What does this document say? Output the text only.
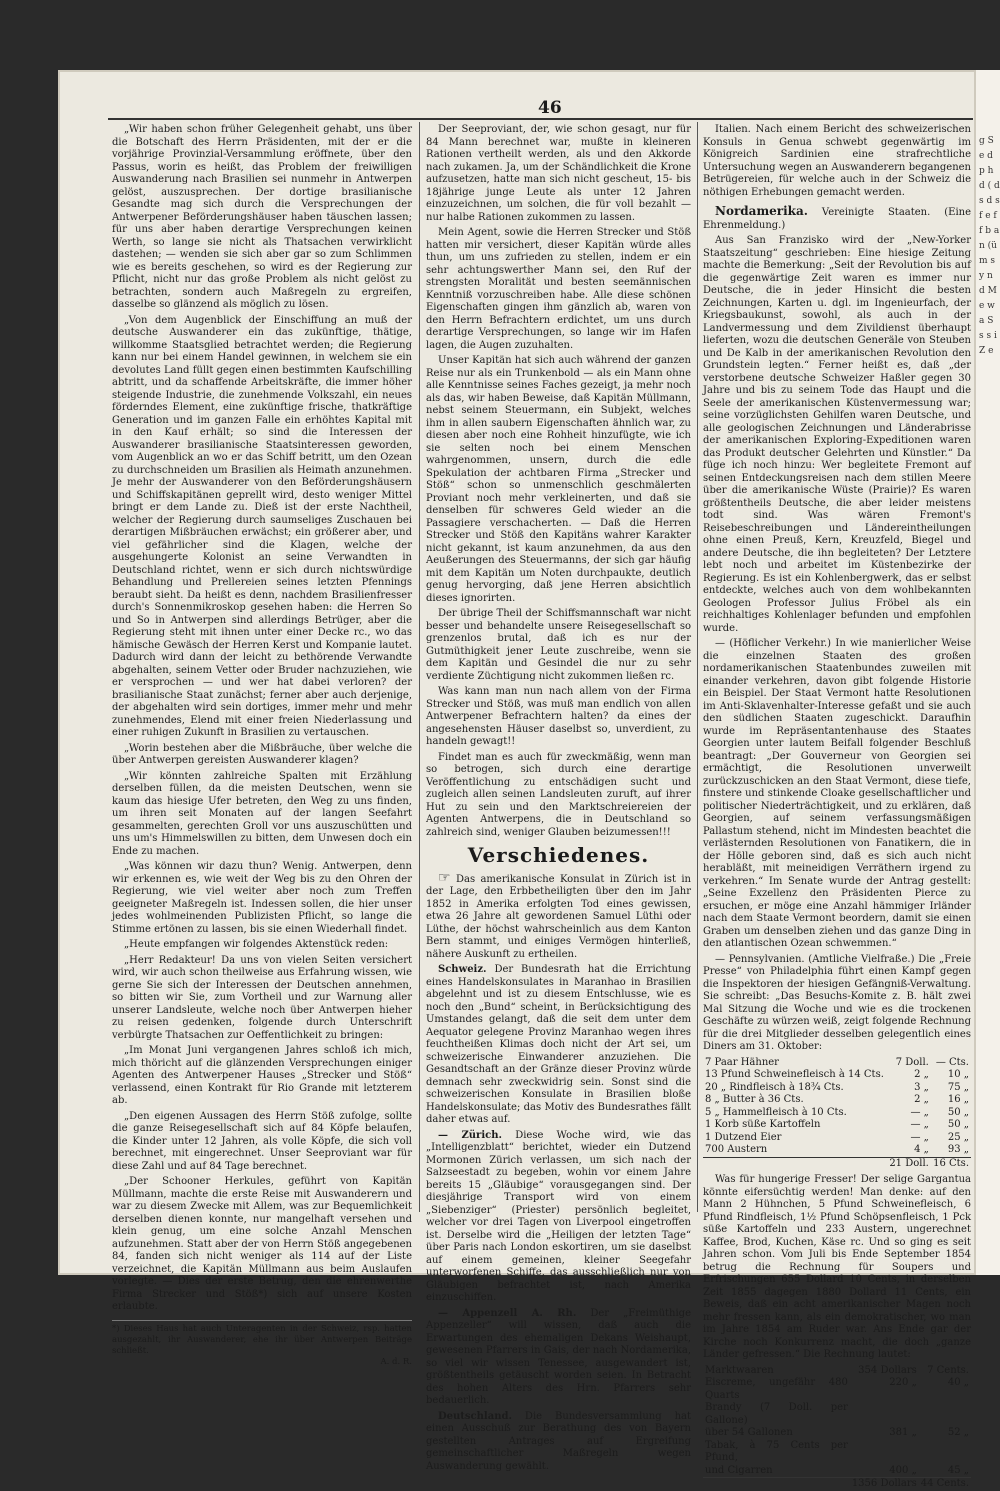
g S e d p h d ( d s d s f e f f b a n (ü m s y n d M e w a S s s i Z e
46

„Wir haben schon früher Gelegenheit gehabt, uns über die Botschaft des Herrn Präsidenten, mit der er die vorjährige Provinzial-Versammlung eröffnete, über den Passus, worin es heißt, das Problem der freiwilligen Auswanderung nach Brasilien sei nunmehr in Antwerpen gelöst, auszusprechen. Der dortige brasilianische Gesandte mag sich durch die Versprechungen der Antwerpener Beförderungshäuser haben täuschen lassen; für uns aber haben derartige Versprechungen keinen Werth, so lange sie nicht als Thatsachen verwirklicht dastehen; — wenden sie sich aber gar so zum Schlimmen wie es bereits geschehen, so wird es der Regierung zur Pflicht, nicht nur das große Problem als nicht gelöst zu betrachten, sondern auch Maßregeln zu ergreifen, dasselbe so glänzend als möglich zu lösen.

„Von dem Augenblick der Einschiffung an muß der deutsche Auswanderer ein das zukünftige, thätige, willkomme Staatsglied betrachtet werden; die Regierung kann nur bei einem Handel gewinnen, in welchem sie ein devolutes Land füllt gegen einen bestimmten Kaufschilling abtritt, und da schaffende Arbeitskräfte, die immer höher steigende Industrie, die zunehmende Volkszahl, ein neues förderndes Element, eine zukünftige frische, thatkräftige Generation und im ganzen Falle ein erhöhtes Kapital mit in den Kauf erhält; so sind die Interessen der Auswanderer brasilianische Staatsinteressen geworden, vom Augenblick an wo er das Schiff betritt, um den Ozean zu durchschneiden um Brasilien als Heimath anzunehmen. Je mehr der Auswanderer von den Beförderungshäusern und Schiffskapitänen geprellt wird, desto weniger Mittel bringt er dem Lande zu. Dieß ist der erste Nachtheil, welcher der Regierung durch saumseliges Zuschauen bei derartigen Mißbräuchen erwächst; ein größerer aber, und viel gefährlicher sind die Klagen, welche der ausgehungerte Kolonist an seine Verwandten in Deutschland richtet, wenn er sich durch nichtswürdige Behandlung und Prellereien seines letzten Pfennings beraubt sieht. Da heißt es denn, nachdem Brasilienfresser durch's Sonnenmikroskop gesehen haben: die Herren So und So in Antwerpen sind allerdings Betrüger, aber die Regierung steht mit ihnen unter einer Decke rc., wo das hämische Gewäsch der Herren Kerst und Kompanie lautet. Dadurch wird dann der leicht zu bethörende Verwandte abgehalten, seinem Vetter oder Bruder nachzuziehen, wie er versprochen — und wer hat dabei verloren? der brasilianische Staat zunächst; ferner aber auch derjenige, der abgehalten wird sein dortiges, immer mehr und mehr zunehmendes, Elend mit einer freien Niederlassung und einer ruhigen Zukunft in Brasilien zu vertauschen.

„Worin bestehen aber die Mißbräuche, über welche die über Antwerpen gereisten Auswanderer klagen?

„Wir könnten zahlreiche Spalten mit Erzählung derselben füllen, da die meisten Deutschen, wenn sie kaum das hiesige Ufer betreten, den Weg zu uns finden, um ihren seit Monaten auf der langen Seefahrt gesammelten, gerechten Groll vor uns auszuschütten und uns um's Himmelswillen zu bitten, dem Unwesen doch ein Ende zu machen.

„Was können wir dazu thun? Wenig. Antwerpen, denn wir erkennen es, wie weit der Weg bis zu den Ohren der Regierung, wie viel weiter aber noch zum Treffen geeigneter Maßregeln ist. Indessen sollen, die hier unser jedes wohlmeinenden Publizisten Pflicht, so lange die Stimme ertönen zu lassen, bis sie einen Wiederhall findet.

„Heute empfangen wir folgendes Aktenstück reden:

„Herr Redakteur! Da uns von vielen Seiten versichert wird, wir auch schon theilweise aus Erfahrung wissen, wie gerne Sie sich der Interessen der Deutschen annehmen, so bitten wir Sie, zum Vortheil und zur Warnung aller unserer Landsleute, welche noch über Antwerpen hieher zu reisen gedenken, folgende durch Unterschrift verbürgte Thatsachen zur Oeffentlichkeit zu bringen:

„Im Monat Juni vergangenen Jahres schloß ich mich, mich thöricht auf die glänzenden Versprechungen einiger Agenten des Antwerpener Hauses „Strecker und Stöß“ verlassend, einen Kontrakt für Rio Grande mit letzterem ab.

„Den eigenen Aussagen des Herrn Stöß zufolge, sollte die ganze Reisegesellschaft sich auf 84 Köpfe belaufen, die Kinder unter 12 Jahren, als volle Köpfe, die sich voll berechnet, mit eingerechnet. Unser Seeproviant war für diese Zahl und auf 84 Tage berechnet.

„Der Schooner Herkules, geführt von Kapitän Müllmann, machte die erste Reise mit Auswanderern und war zu diesem Zwecke mit Allem, was zur Bequemlichkeit derselben dienen konnte, nur mangelhaft versehen und klein genug, um eine solche Anzahl Menschen aufzunehmen. Statt aber der von Herrn Stöß angegebenen 84, fanden sich nicht weniger als 114 auf der Liste verzeichnet, die Kapitän Müllmann aus beim Auslaufen vorlegte. — Dies der erste Betrug, den die ehrenwerthe Firma Strecker und Stöß*) sich auf unsere Kosten erlaubte.

*) Dieses Haus hat auch Unteragenten in der Schweiz, rsp. hatten ausgezahlt, ihr Auswanderer, ehe ihr über Antwerpen Beiträge schließt.
A. d. R.

Der Seeproviant, der, wie schon gesagt, nur für 84 Mann berechnet war, mußte in kleineren Rationen vertheilt werden, als und den Akkorde nach zukamen. Ja, um der Schändlichkeit die Krone aufzusetzen, hatte man sich nicht gescheut, 15- bis 18jährige junge Leute als unter 12 Jahren einzuzeichnen, um solchen, die für voll bezahlt — nur halbe Rationen zukommen zu lassen.

Mein Agent, sowie die Herren Strecker und Stöß hatten mir versichert, dieser Kapitän würde alles thun, um uns zufrieden zu stellen, indem er ein sehr achtungswerther Mann sei, den Ruf der strengsten Moralität und besten seemännischen Kenntniß vorzuschreiben habe. Alle diese schönen Eigenschaften gingen ihm gänzlich ab, waren von den Herrn Befrachtern erdichtet, um uns durch derartige Versprechungen, so lange wir im Hafen lagen, die Augen zuzuhalten.

Unser Kapitän hat sich auch während der ganzen Reise nur als ein Trunkenbold — als ein Mann ohne alle Kenntnisse seines Faches gezeigt, ja mehr noch als das, wir haben Beweise, daß Kapitän Müllmann, nebst seinem Steuermann, ein Subjekt, welches ihm in allen saubern Eigenschaften ähnlich war, zu diesen aber noch eine Rohheit hinzufügte, wie ich sie selten noch bei einem Menschen wahrgenommen, unsern, durch die edle Spekulation der achtbaren Firma „Strecker und Stöß“ schon so unmenschlich geschmälerten Proviant noch mehr verkleinerten, und daß sie denselben für schweres Geld wieder an die Passagiere verschacherten. — Daß die Herren Strecker und Stöß den Kapitäns wahrer Karakter nicht gekannt, ist kaum anzunehmen, da aus den Aeußerungen des Steuermanns, der sich gar häufig mit dem Kapitän um Noten durchpaukte, deutlich genug hervorging, daß jene Herren absichtlich dieses ignorirten.

Der übrige Theil der Schiffsmannschaft war nicht besser und behandelte unsere Reisegesellschaft so grenzenlos brutal, daß ich es nur der Gutmüthigkeit jener Leute zuschreibe, wenn sie dem Kapitän und Gesindel die nur zu sehr verdiente Züchtigung nicht zukommen ließen rc.

Was kann man nun nach allem von der Firma Strecker und Stöß, was muß man endlich von allen Antwerpener Befrachtern halten? da eines der angesehensten Häuser daselbst so, unverdient, zu handeln gewagt!!

Findet man es auch für zweckmäßig, wenn man so betrogen, sich durch eine derartige Veröffentlichung zu entschädigen sucht und zugleich allen seinen Landsleuten zuruft, auf ihrer Hut zu sein und den Marktschreiereien der Agenten Antwerpens, die in Deutschland so zahlreich sind, weniger Glauben beizumessen!!!

Verschiedenes.

☞ Das amerikanische Konsulat in Zürich ist in der Lage, den Erbbetheiligten über den im Jahr 1852 in Amerika erfolgten Tod eines gewissen, etwa 26 Jahre alt gewordenen Samuel Lüthi oder Lüthe, der höchst wahrscheinlich aus dem Kanton Bern stammt, und einiges Vermögen hinterließ, nähere Auskunft zu ertheilen.

Schweiz. Der Bundesrath hat die Errichtung eines Handelskonsulates in Maranhao in Brasilien abgelehnt und ist zu diesem Entschlusse, wie es noch den „Bund“ scheint, in Berücksichtigung des Umstandes gelangt, daß die seit dem unter dem Aequator gelegene Provinz Maranhao wegen ihres feuchtheißen Klimas doch nicht der Art sei, um schweizerische Einwanderer anzuziehen. Die Gesandtschaft an der Gränze dieser Provinz würde demnach sehr zweckwidrig sein. Sonst sind die schweizerischen Konsulate in Brasilien bloße Handelskonsulate; das Motiv des Bundesrathes fällt daher etwas auf.

— Zürich. Diese Woche wird, wie das „Intelligenzblatt“ berichtet, wieder ein Dutzend Mormonen Zürich verlassen, um sich nach der Salzseestadt zu begeben, wohin vor einem Jahre bereits 15 „Gläubige“ vorausgegangen sind. Der diesjährige Transport wird von einem „Siebenziger“ (Priester) persönlich begleitet, welcher vor drei Tagen von Liverpool eingetroffen ist. Derselbe wird die „Heiligen der letzten Tage“ über Paris nach London eskortiren, um sie daselbst auf einem gemeinen, kleiner Seegefahr unterworfenen Schiffe, das ausschließlich nur von Gläubigen befrachtet ist, nach Amerika einzuschiffen.

— Appenzell A. Rh. Der „Freimüthige Appenzeller“ will wissen, daß auch die Erwartungen des ehemaligen Dekans Weishaupt, gewesenen Pfarrers in Gais, der nach Nordamerika, so viel wir wissen Tenessee, ausgewandert ist, größtentheils getäuscht worden seien. In Betracht des hohen Alters des Hrn. Pfarrers sehr bedauerlich.

Deutschland. Die Bundesversammlung hat einen Ausschuß zur Berathung des von Bayern gestellten Antrages auf Ergreifung gemeinschaftlicher Maßregeln wegen Auswanderung gewählt.

Italien. Nach einem Bericht des schweizerischen Konsuls in Genua schwebt gegenwärtig im Königreich Sardinien eine strafrechtliche Untersuchung wegen an Auswanderern begangenen Betrügereien, für welche auch in der Schweiz die nöthigen Erhebungen gemacht werden.

Nordamerika. Vereinigte Staaten. (Eine Ehrenmeldung.)

Aus San Franzisko wird der „New-Yorker Staatszeitung“ geschrieben: Eine hiesige Zeitung machte die Bemerkung: „Seit der Revolution bis auf die gegenwärtige Zeit waren es immer nur Deutsche, die in jeder Hinsicht die besten Zeichnungen, Karten u. dgl. im Ingenieurfach, der Kriegsbaukunst, sowohl, als auch in der Landvermessung und dem Zivildienst überhaupt lieferten, wozu die deutschen Generäle von Steuben und De Kalb in der amerikanischen Revolution den Grundstein legten.“ Ferner heißt es, daß „der verstorbene deutsche Schweizer Haßler gegen 30 Jahre und bis zu seinem Tode das Haupt und die Seele der amerikanischen Küstenvermessung war; seine vorzüglichsten Gehilfen waren Deutsche, und alle geologischen Zeichnungen und Länderabrisse der amerikanischen Exploring-Expeditionen waren das Produkt deutscher Gelehrten und Künstler.“ Da füge ich noch hinzu: Wer begleitete Fremont auf seinen Entdeckungsreisen nach dem stillen Meere über die amerikanische Wüste (Prairie)? Es waren größtentheils Deutsche, die aber leider meistens todt sind. Was wären Fremont's Reisebeschreibungen und Ländereintheilungen ohne einen Preuß, Kern, Kreuzfeld, Biegel und andere Deutsche, die ihn begleiteten? Der Letztere lebt noch und arbeitet im Küstenbezirke der Regierung. Es ist ein Kohlenbergwerk, das er selbst entdeckte, welches auch von dem wohlbekannten Geologen Professor Julius Fröbel als ein reichhaltiges Kohlenlager befunden und empfohlen wurde.

— (Höflicher Verkehr.) In wie manierlicher Weise die einzelnen Staaten des großen nordamerikanischen Staatenbundes zuweilen mit einander verkehren, davon gibt folgende Historie ein Beispiel. Der Staat Vermont hatte Resolutionen im Anti-Sklavenhalter-Interesse gefaßt und sie auch den südlichen Staaten zugeschickt. Daraufhin wurde im Repräsentantenhause des Staates Georgien unter lautem Beifall folgender Beschluß beantragt: „Der Gouverneur von Georgien sei ermächtigt, die Resolutionen unverweilt zurückzuschicken an den Staat Vermont, diese tiefe, finstere und stinkende Cloake gesellschaftlicher und politischer Niederträchtigkeit, und zu erklären, daß Georgien, auf seinem verfassungsmäßigen Pallastum stehend, nicht im Mindesten beachtet die verlästernden Resolutionen von Fanatikern, die in der Hölle geboren sind, daß es sich auch nicht herabläßt, mit meineidigen Verräthern irgend zu verkehren.“ Im Senate wurde der Antrag gestellt: „Seine Exzellenz den Präsidenten Pierce zu ersuchen, er möge eine Anzahl hämmiger Irländer nach dem Staate Vermont beordern, damit sie einen Graben um denselben ziehen und das ganze Ding in den atlantischen Ozean schwemmen.“

— Pennsylvanien. (Amtliche Vielfraße.) Die „Freie Presse“ von Philadelphia führt einen Kampf gegen die Inspektoren der hiesigen Gefängniß-Verwaltung. Sie schreibt: „Das Besuchs-Komite z. B. hält zwei Mal Sitzung die Woche und wie es die trockenen Geschäfte zu würzen weiß, zeigt folgende Rechnung für die drei Mitglieder desselben gelegentlich eines Diners am 31. Oktober:

7 Paar Hähner	7 Doll.	— Cts.
13 Pfund Schweinefleisch à 14 Cts.	2 „	10 „
20 „ Rindfleisch à 18¾ Cts.	3 „	75 „
8 „ Butter à 36 Cts.	2 „	16 „
5 „ Hammelfleisch à 10 Cts.	— „	50 „
1 Korb süße Kartoffeln	— „	50 „
1 Dutzend Eier	— „	25 „
700 Austern	4 „	93 „
	21 Doll.	16 Cts.

Was für hungerige Fresser! Der selige Gargantua könnte eifersüchtig werden! Man denke: auf den Mann 2 Hühnchen, 5 Pfund Schweinefleisch, 6 Pfund Rindfleisch, 1½ Pfund Schöpsenfleisch, 1 Pck süße Kartoffeln und 233 Austern, ungerechnet Kaffee, Brod, Kuchen, Käse rc. Und so ging es seit Jahren schon. Vom Juli bis Ende September 1854 betrug die Rechnung für Soupers und Erfrischungen 655 Dollard 10 Cents, in derselben Zeit 1855 dagegen 1880 Dollard 11 Cents, ein Beweis, daß ein acht amerikanischer Magen noch mehr fressen kann, als ein demokratischer, wo man im Jahre 1854 am Ruder war. Ans Ende gar der Kirche noch Konkurrenz macht, die doch „ganze Länder gefressen.“ Die Rechnung lautet:

Marktwaaren	354 Dollars	7 Cents.
Eiscreme, ungefähr 480 Quarts	220 „	40 „
Brandy (7 Doll. per Gallone)		
über 54 Gallonen	381 „	52 „
Tabak, à 75 Cents per Pfund,		
und Cigarren	400 „	45 „
	1356 Dollars	44 Cents.
